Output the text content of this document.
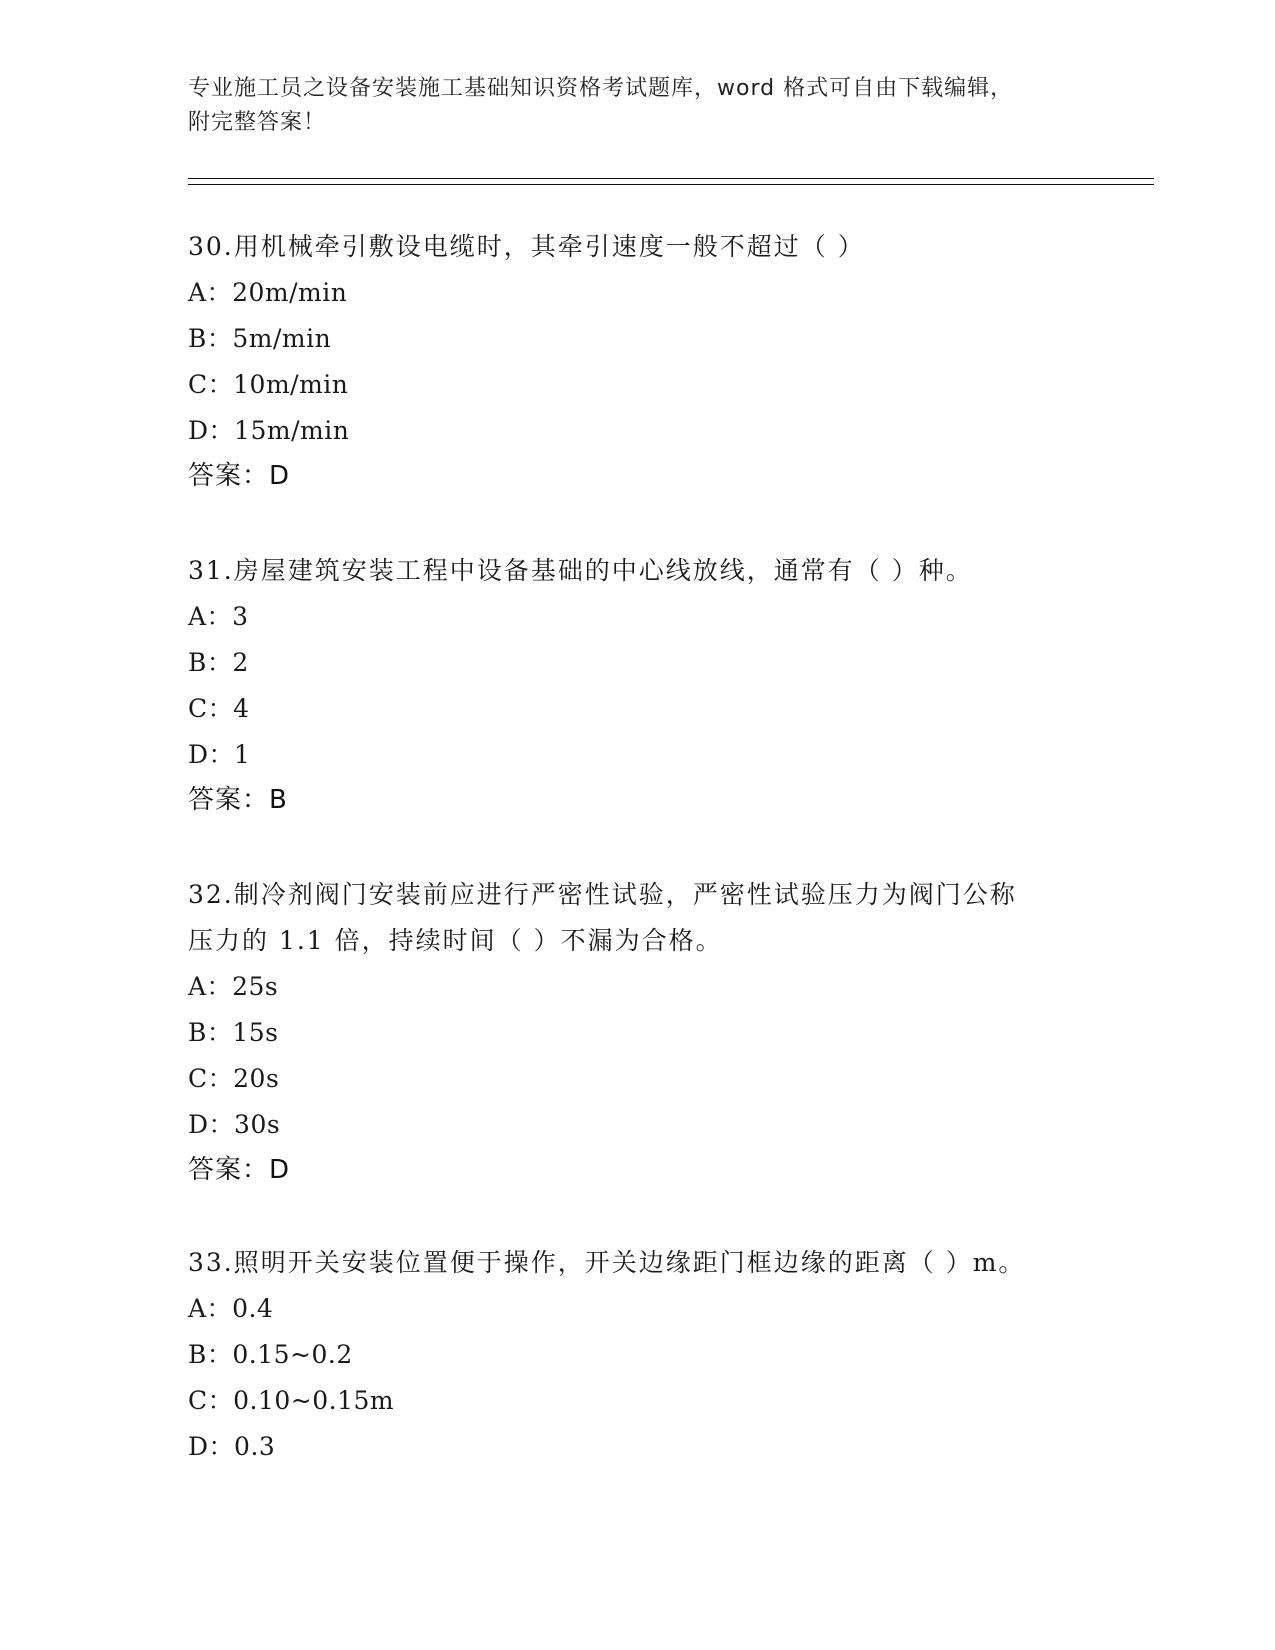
专业施工员之设备安装施工基础知识资格考试题库，word 格式可自由下载编辑，

附完整答案！

30.用机械牵引敷设电缆时，其牵引速度一般不超过（ ）

A：20m/min

B：5m/min

C：10m/min

D：15m/min

答案：D

31.房屋建筑安装工程中设备基础的中心线放线，通常有（ ）种。

A：3

B：2

C：4

D：1

答案：B

32.制冷剂阀门安装前应进行严密性试验，严密性试验压力为阀门公称

压力的 1.1 倍，持续时间（ ）不漏为合格。

A：25s

B：15s

C：20s

D：30s

答案：D

33.照明开关安装位置便于操作，开关边缘距门框边缘的距离（ ）m。

A：0.4

B：0.15~0.2

C：0.10~0.15m

D：0.3
